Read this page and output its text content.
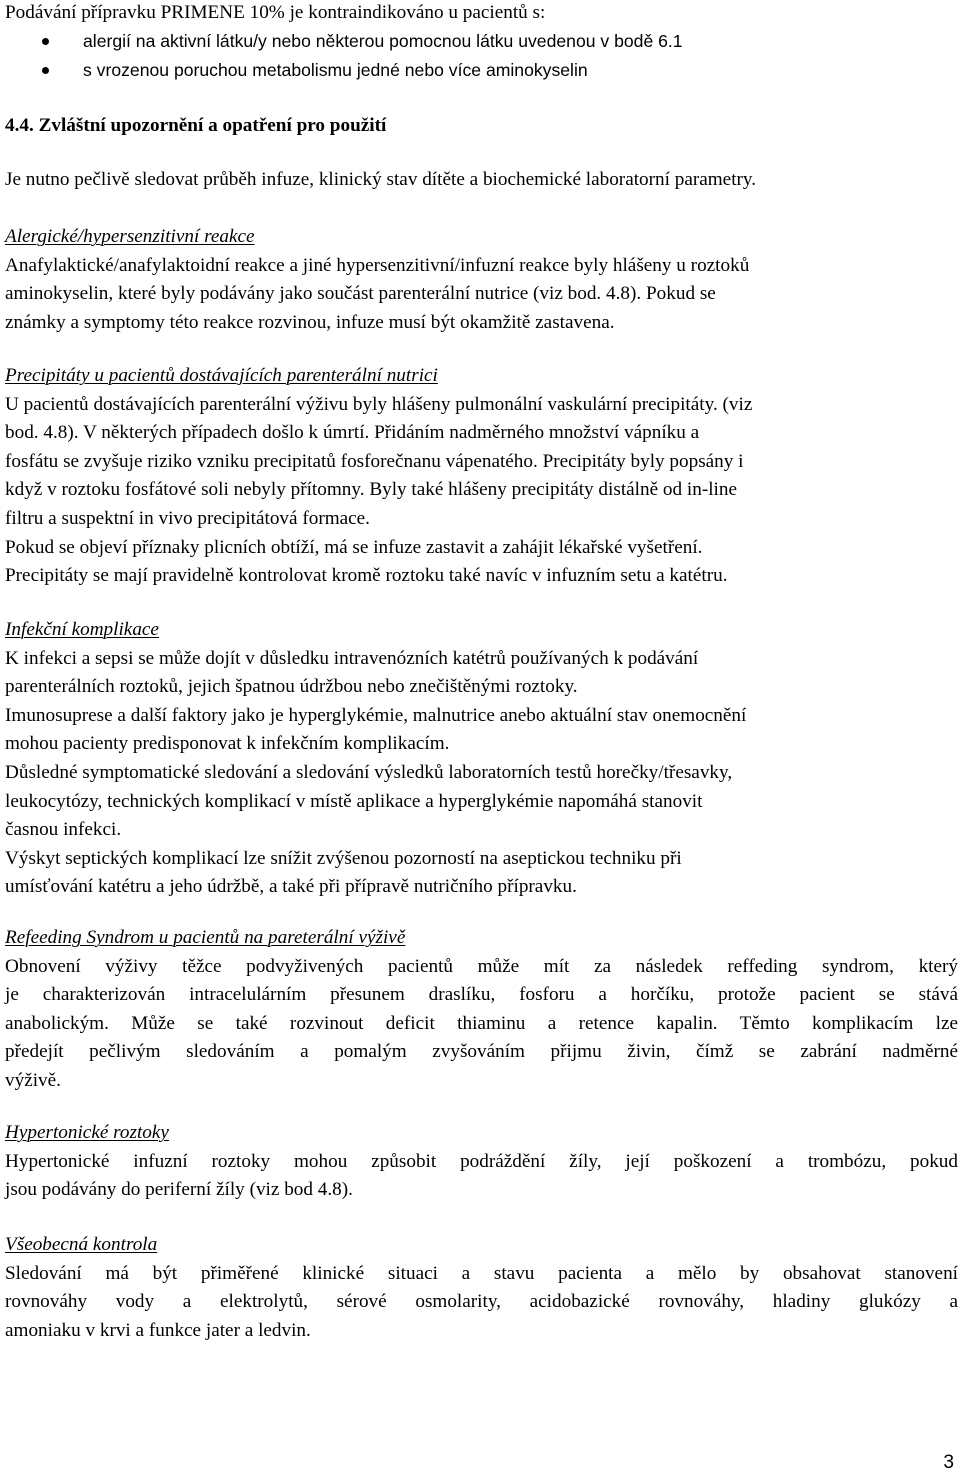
Podávání přípravku PRIMENE 10% je kontraindikováno u pacientů s:
alergií na aktivní látku/y nebo některou pomocnou látku uvedenou v bodě 6.1
s vrozenou poruchou metabolismu jedné nebo více aminokyselin
4.4. Zvláštní upozornění a opatření pro použití
Je nutno pečlivě sledovat průběh infuze, klinický stav dítěte a biochemické laboratorní parametry.
Alergické/hypersenzitivní reakce
Anafylaktické/anafylaktoidní reakce a jiné hypersenzitivní/infuzní reakce byly hlášeny u roztoků
aminokyselin, které byly podávány jako součást parenterální nutrice (viz bod. 4.8). Pokud se
známky a symptomy této reakce rozvinou, infuze musí být okamžitě zastavena.
Precipitáty u pacientů dostávajících parenterální nutrici
U pacientů dostávajících parenterální výživu byly hlášeny pulmonální vaskulární precipitáty. (viz
bod. 4.8). V některých případech došlo k úmrtí. Přidáním nadměrného množství vápníku a
fosfátu se zvyšuje riziko vzniku precipitatů fosforečnanu vápenatého. Precipitáty byly popsány i
když v roztoku fosfátové soli nebyly přítomny. Byly také hlášeny precipitáty distálně od in-line
filtru a suspektní in vivo precipitátová formace.
Pokud se objeví příznaky plicních obtíží, má se infuze zastavit a zahájit lékařské vyšetření.
Precipitáty se mají pravidelně kontrolovat kromě roztoku také navíc v infuzním setu a katétru.
Infekční komplikace
K infekci a sepsi se může dojít v důsledku intravenózních katétrů používaných k podávání
parenterálních roztoků, jejich špatnou údržbou nebo znečištěnými roztoky.
Imunosuprese a další faktory jako je hyperglykémie, malnutrice anebo aktuální stav onemocnění
mohou pacienty predisponovat k infekčním komplikacím.
Důsledné symptomatické sledování a sledování výsledků laboratorních testů horečky/třesavky,
leukocytózy, technických komplikací v místě aplikace a hyperglykémie napomáhá stanovit
časnou infekci.
Výskyt septických komplikací lze snížit zvýšenou pozorností na aseptickou techniku při
umísťování katétru a jeho údržbě, a také při přípravě nutričního přípravku.
Refeeding Syndrom u pacientů na pareterální výživě
Obnovení výživy těžce podvyživených pacientů může mít za následek reffeding syndrom, který
je charakterizován intracelulárním přesunem draslíku, fosforu a horčíku, protože pacient se stává
anabolickým. Může se také rozvinout deficit thiaminu a retence kapalin. Těmto komplikacím lze
předejít pečlivým sledováním a pomalým zvyšováním přijmu živin, čímž se zabrání nadměrné
výživě.
Hypertonické roztoky
Hypertonické infuzní roztoky mohou způsobit podráždění žíly, její poškození a trombózu, pokud
jsou podávány do periferní žíly (viz bod 4.8).
Všeobecná kontrola
Sledování má být přiměřené klinické situaci a stavu pacienta a mělo by obsahovat stanovení
rovnováhy vody a elektrolytů, sérové osmolarity, acidobazické rovnováhy, hladiny glukózy a
amoniaku v krvi a funkce jater a ledvin.
3
